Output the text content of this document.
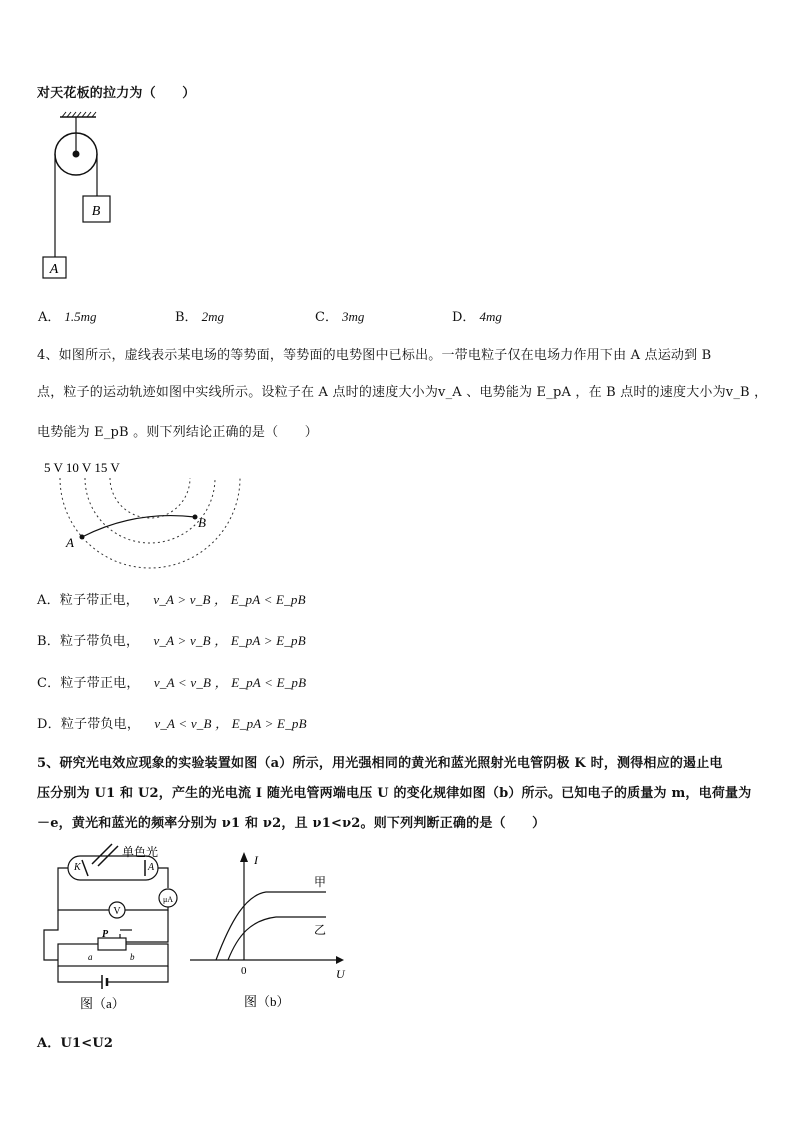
对天花板的拉力为（　　）
B
A
A． 1.5mg	B． 2mg	C． 3mg	D． 4mg
4、如图所示，虚线表示某电场的等势面，等势面的电势图中已标出。一带电粒子仅在电场力作用下由 A 点运动到 B
点，粒子的运动轨迹如图中实线所示。设粒子在 A 点时的速度大小为v_A 、电势能为 E_pA ，在 B 点时的速度大小为v_B ，
电势能为 E_pB 。则下列结论正确的是（　　）
5 V 10 V 15 V
A
B
A．粒子带正电， v_A > v_B ， E_pA < E_pB
B．粒子带负电， v_A > v_B ， E_pA > E_pB
C．粒子带正电， v_A < v_B ， E_pA < E_pB
D．粒子带负电， v_A < v_B ， E_pA > E_pB
5、研究光电效应现象的实验装置如图（a）所示，用光强相同的黄光和蓝光照射光电管阴极 K 时，测得相应的遏止电
压分别为 U1 和 U2，产生的光电流 I 随光电管两端电压 U 的变化规律如图（b）所示。已知电子的质量为 m，电荷量为
－e，黄光和蓝光的频率分别为 ν1 和 ν2，且 ν1<ν2。则下列判断正确的是（　　）
单色光
K	A
μA
V
P
a	b
图（a）
I
U
0
甲
乙
图（b）
A．U1<U2
